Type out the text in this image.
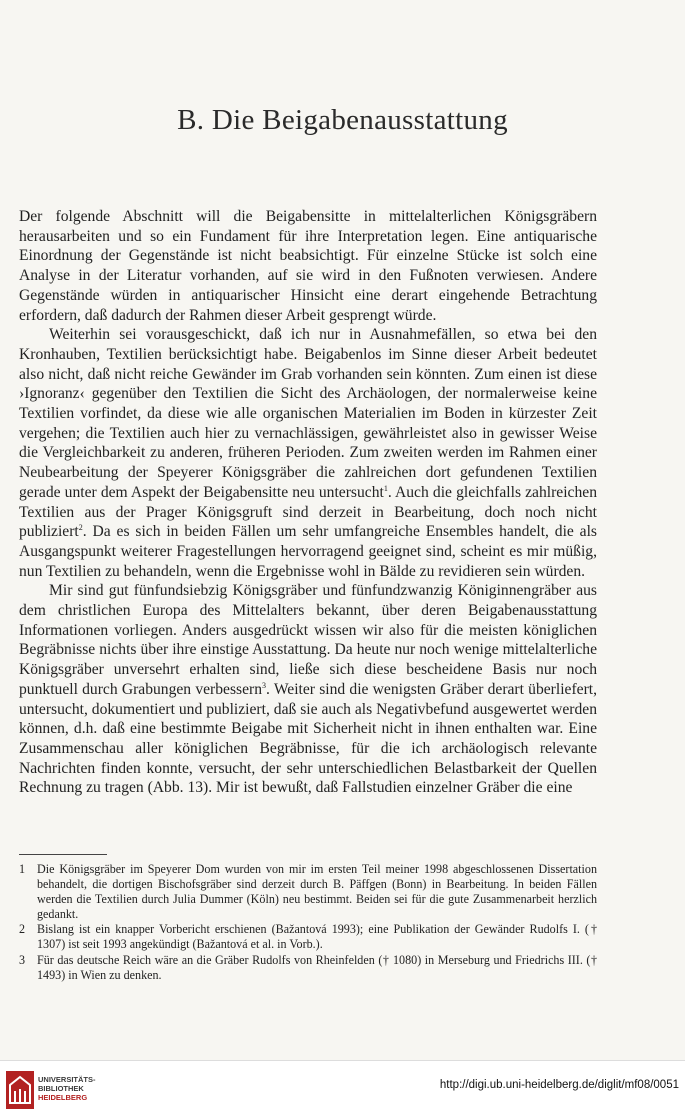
B. Die Beigabenausstattung

Der folgende Abschnitt will die Beigabensitte in mittelalterlichen Königsgräbern herausarbeiten und so ein Fundament für ihre Interpretation legen. Eine antiquarische Einordnung der Gegenstände ist nicht beabsichtigt. Für einzelne Stücke ist solch eine Analyse in der Literatur vorhanden, auf sie wird in den Fußnoten verwiesen. Andere Gegenstände würden in antiquarischer Hinsicht eine derart eingehende Betrachtung erfordern, daß dadurch der Rahmen dieser Arbeit gesprengt würde.

Weiterhin sei vorausgeschickt, daß ich nur in Ausnahmefällen, so etwa bei den Kronhauben, Textilien berücksichtigt habe. Beigabenlos im Sinne dieser Arbeit bedeutet also nicht, daß nicht reiche Gewänder im Grab vorhanden sein könnten. Zum einen ist diese ›Ignoranz‹ gegenüber den Textilien die Sicht des Archäologen, der normalerweise keine Textilien vorfindet, da diese wie alle organischen Materialien im Boden in kürzester Zeit vergehen; die Textilien auch hier zu vernachlässigen, gewährleistet also in gewisser Weise die Vergleichbarkeit zu anderen, früheren Perioden. Zum zweiten werden im Rahmen einer Neubearbeitung der Speyerer Königsgräber die zahlreichen dort gefundenen Textilien gerade unter dem Aspekt der Beigabensitte neu untersucht$^1$. Auch die gleichfalls zahlreichen Textilien aus der Prager Königsgruft sind derzeit in Bearbeitung, doch noch nicht publiziert$^2$. Da es sich in beiden Fällen um sehr umfangreiche Ensembles handelt, die als Ausgangspunkt weiterer Fragestellungen hervorragend geeignet sind, scheint es mir müßig, nun Textilien zu behandeln, wenn die Ergebnisse wohl in Bälde zu revidieren sein würden.

Mir sind gut fünfundsiebzig Königsgräber und fünfundzwanzig Königinnengräber aus dem christlichen Europa des Mittelalters bekannt, über deren Beigabenausstattung Informationen vorliegen. Anders ausgedrückt wissen wir also für die meisten königlichen Begräbnisse nichts über ihre einstige Ausstattung. Da heute nur noch wenige mittelalterliche Königsgräber unversehrt erhalten sind, ließe sich diese bescheidene Basis nur noch punktuell durch Grabungen verbessern$^3$. Weiter sind die wenigsten Gräber derart überliefert, untersucht, dokumentiert und publiziert, daß sie auch als Negativbefund ausgewertet werden können, d.h. daß eine bestimmte Beigabe mit Sicherheit nicht in ihnen enthalten war. Eine Zusammenschau aller königlichen Begräbnisse, für die ich archäologisch relevante Nachrichten finden konnte, versucht, der sehr unterschiedlichen Belastbarkeit der Quellen Rechnung zu tragen (Abb. 13). Mir ist bewußt, daß Fallstudien einzelner Gräber die eine

1 Die Königsgräber im Speyerer Dom wurden von mir im ersten Teil meiner 1998 abgeschlossenen Dissertation behandelt, die dortigen Bischofsgräber sind derzeit durch B. Päffgen (Bonn) in Bearbeitung. In beiden Fällen werden die Textilien durch Julia Dummer (Köln) neu bestimmt. Beiden sei für die gute Zusammenarbeit herzlich gedankt.
2 Bislang ist ein knapper Vorbericht erschienen (Bažantová 1993); eine Publikation der Gewänder Rudolfs I. († 1307) ist seit 1993 angekündigt (Bažantová et al. in Vorb.).
3 Für das deutsche Reich wäre an die Gräber Rudolfs von Rheinfelden († 1080) in Merseburg und Friedrichs III. († 1493) in Wien zu denken.
UNIVERSITÄTS-
BIBLIOTHEK
HEIDELBERG
http://digi.ub.uni-heidelberg.de/diglit/mf08/0051
